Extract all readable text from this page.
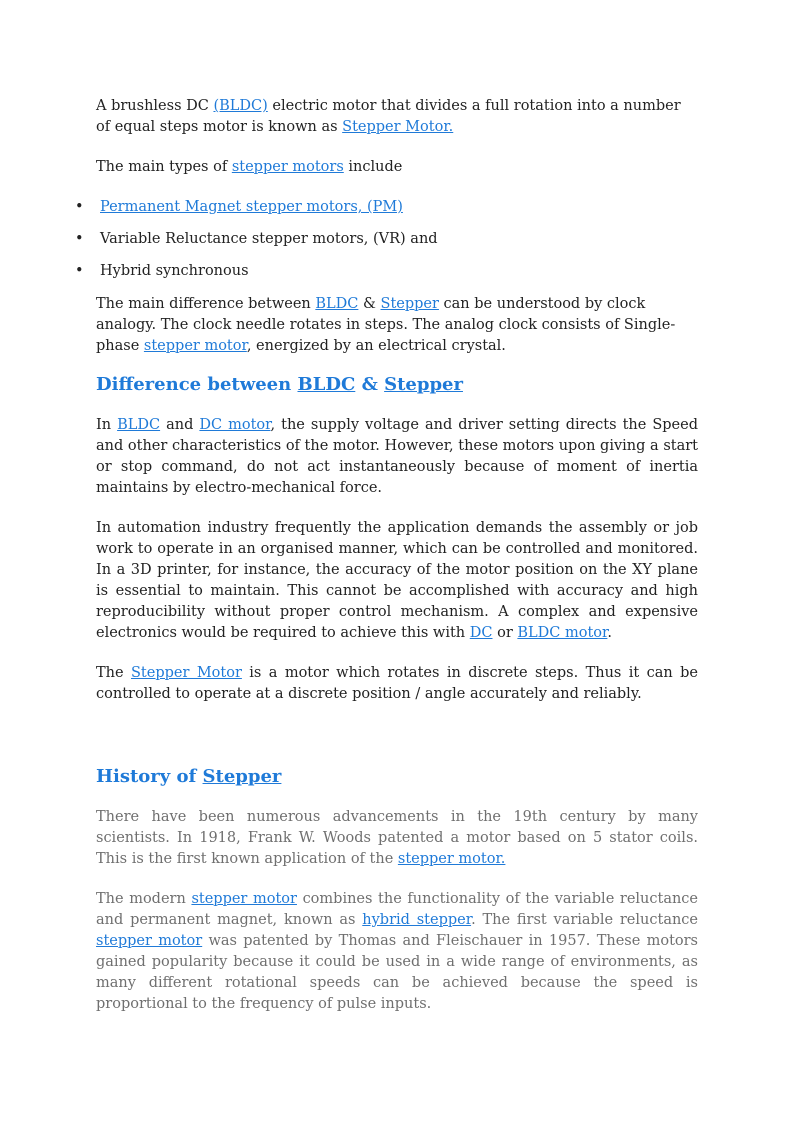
A brushless DC (BLDC) electric motor that divides a full rotation into a number of equal steps motor is known as Stepper Motor.

The main types of stepper motors include

• Permanent Magnet stepper motors, (PM)
• Variable Reluctance stepper motors, (VR) and
• Hybrid synchronous

The main difference between BLDC & Stepper can be understood by clock analogy. The clock needle rotates in steps. The analog clock consists of Single-phase stepper motor, energized by an electrical crystal.

Difference between BLDC & Stepper

In BLDC and DC motor, the supply voltage and driver setting directs the Speed and other characteristics of the motor. However, these motors upon giving a start or stop command, do not act instantaneously because of moment of inertia maintains by electro-mechanical force.

In automation industry frequently the application demands the assembly or job work to operate in an organised manner, which can be controlled and monitored. In a 3D printer, for instance, the accuracy of the motor position on the XY plane is essential to maintain. This cannot be accomplished with accuracy and high reproducibility without proper control mechanism. A complex and expensive electronics would be required to achieve this with DC or BLDC motor.

The Stepper Motor is a motor which rotates in discrete steps. Thus it can be controlled to operate at a discrete position / angle accurately and reliably.

History of Stepper

There have been numerous advancements in the 19th century by many scientists. In 1918, Frank W. Woods patented a motor based on 5 stator coils. This is the first known application of the stepper motor.

The modern stepper motor combines the functionality of the variable reluctance and permanent magnet, known as hybrid stepper. The first variable reluctance stepper motor was patented by Thomas and Fleischauer in 1957. These motors gained popularity because it could be used in a wide range of environments, as many different rotational speeds can be achieved because the speed is proportional to the frequency of pulse inputs.
